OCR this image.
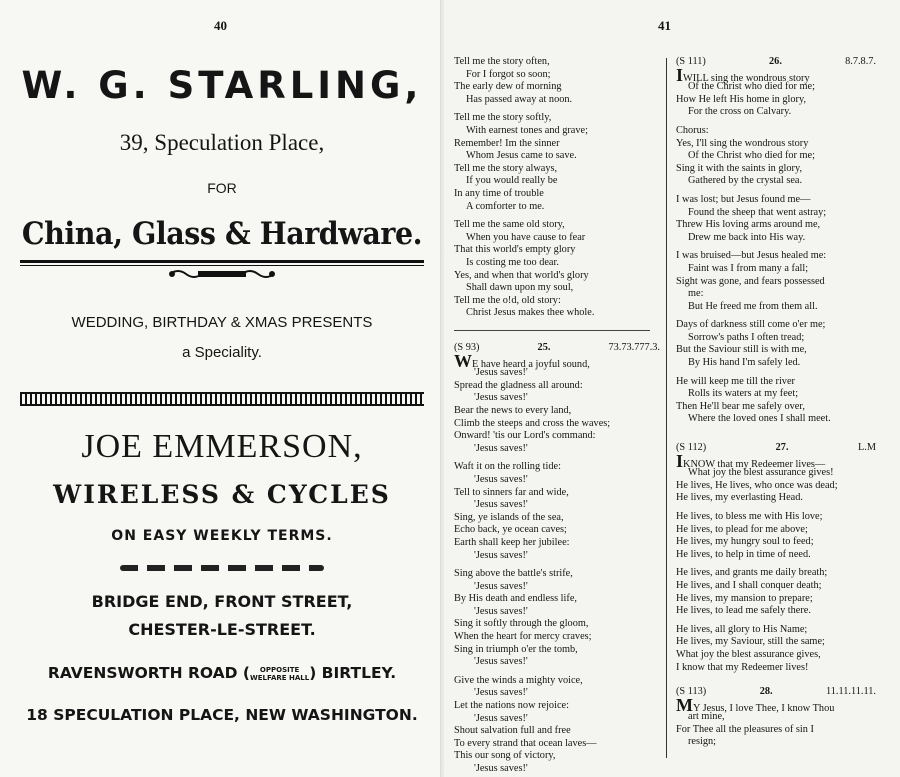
40
W. G. STARLING,
39, Speculation Place,
FOR
China, Glass & Hardware.
WEDDING, BIRTHDAY & XMAS PRESENTS
a Speciality.
JOE EMMERSON,
WIRELESS & CYCLES
ON EASY WEEKLY TERMS.
BRIDGE END, FRONT STREET,
CHESTER-LE-STREET.
RAVENSWORTH ROAD ( OPPOSITE
WELFARE HALL) BIRTLEY.
18 SPECULATION PLACE, NEW WASHINGTON.
41
Tell me the story often,
For I forgot so soon;
The early dew of morning
Has passed away at noon.
Tell me the story softly,
With earnest tones and grave;
Remember! Im the sinner
Whom Jesus came to save.
Tell me the story always,
If you would really be
In any time of trouble
A comforter to me.
Tell me the same old story,
When you have cause to fear
That this world's empty glory
Is costing me too dear.
Yes, and when that world's glory
Shall dawn upon my soul,
Tell me the o!d, old story:
Christ Jesus makes thee whole.
(S 93)	25.	73.73.777.3.
WE have heard a joyful sound,
'Jesus saves!'
Spread the gladness all around:
'Jesus saves!'
Bear the news to every land,
Climb the steeps and cross the waves;
Onward! 'tis our Lord's command:
'Jesus saves!'
Waft it on the rolling tide:
'Jesus saves!'
Tell to sinners far and wide,
'Jesus saves!'
Sing, ye islands of the sea,
Echo back, ye ocean caves;
Earth shall keep her jubilee:
'Jesus saves!'
Sing above the battle's strife,
'Jesus saves!'
By His death and endless life,
'Jesus saves!'
Sing it softly through the gloom,
When the heart for mercy craves;
Sing in triumph o'er the tomb,
'Jesus saves!'
Give the winds a mighty voice,
'Jesus saves!'
Let the nations now rejoice:
'Jesus saves!'
Shout salvation full and free
To every strand that ocean laves—
This our song of victory,
'Jesus saves!'
(S 111)	26.	8.7.8.7.
IWILL sing the wondrous story
Of the Christ who died for me;
How He left His home in glory,
For the cross on Calvary.
Chorus:
Yes, I'll sing the wondrous story
Of the Christ who died for me;
Sing it with the saints in glory,
Gathered by the crystal sea.
I was lost; but Jesus found me—
Found the sheep that went astray;
Threw His loving arms around me,
Drew me back into His way.
I was bruised—but Jesus healed me:
Faint was I from many a fall;
Sight was gone, and fears possessed
me:
But He freed me from them all.
Days of darkness still come o'er me;
Sorrow's paths I often tread;
But the Saviour still is with me,
By His hand I'm safely led.
He will keep me till the river
Rolls its waters at my feet;
Then He'll bear me safely over,
Where the loved ones I shall meet.
(S 112)	27.	L.M
IKNOW that my Redeemer lives—
What joy the blest assurance gives!
He lives, He lives, who once was dead;
He lives, my everlasting Head.
He lives, to bless me with His love;
He lives, to plead for me above;
He lives, my hungry soul to feed;
He lives, to help in time of need.
He lives, and grants me daily breath;
He lives, and I shall conquer death;
He lives, my mansion to prepare;
He lives, to lead me safely there.
He lives, all glory to His Name;
He lives, my Saviour, still the same;
What joy the blest assurance gives,
I know that my Redeemer lives!
(S 113)	28.	11.11.11.11.
MY Jesus, I love Thee, I know Thou
art mine,
For Thee all the pleasures of sin I
resign;
